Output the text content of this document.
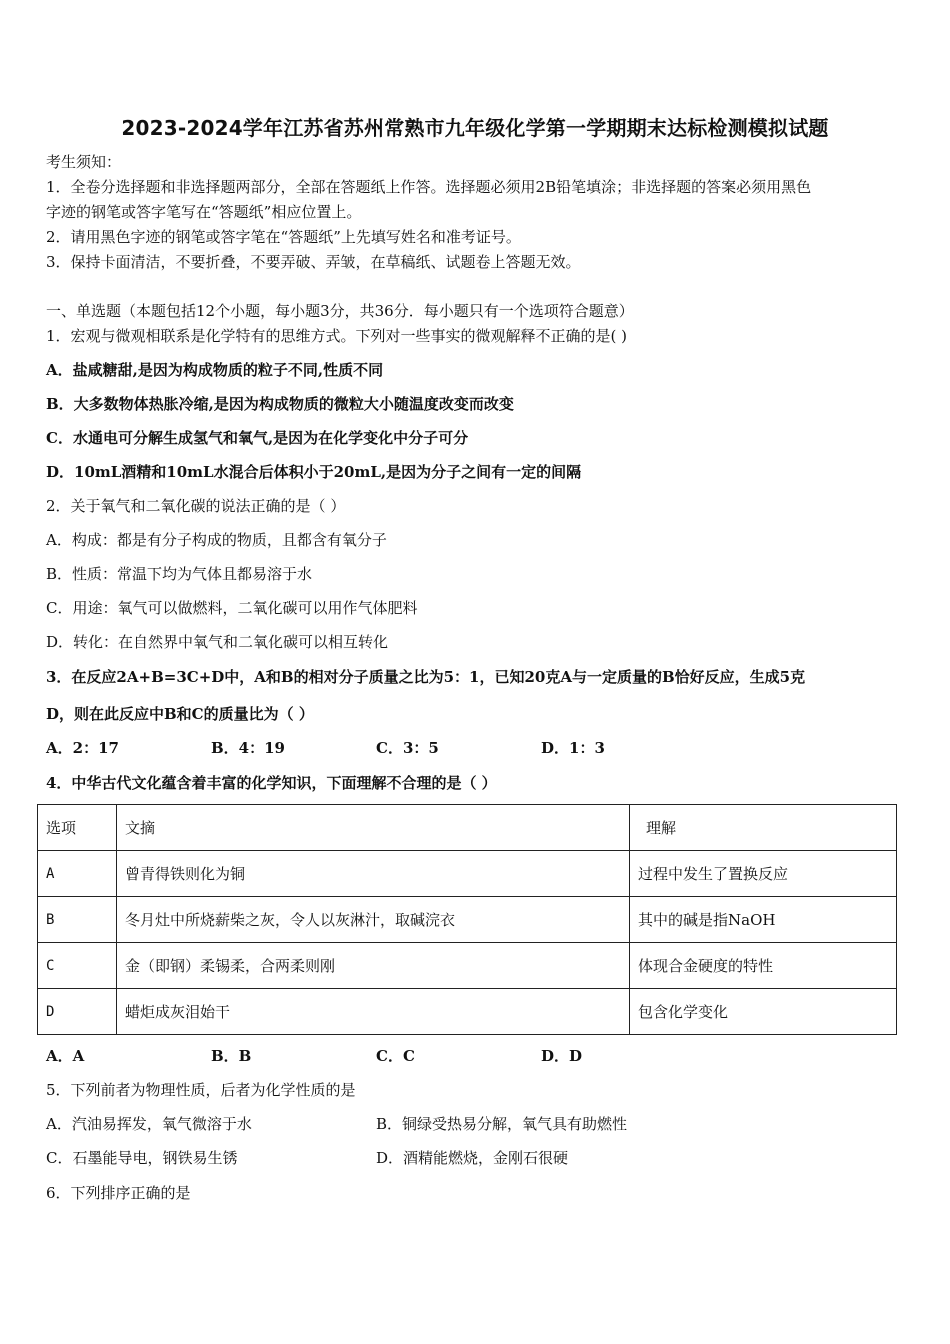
2023-2024学年江苏省苏州常熟市九年级化学第一学期期末达标检测模拟试题
考生须知：
1．全卷分选择题和非选择题两部分，全部在答题纸上作答。选择题必须用2B铅笔填涂；非选择题的答案必须用黑色
字迹的钢笔或答字笔写在“答题纸”相应位置上。
2．请用黑色字迹的钢笔或答字笔在“答题纸”上先填写姓名和准考证号。
3．保持卡面清洁，不要折叠，不要弄破、弄皱，在草稿纸、试题卷上答题无效。
一、单选题（本题包括12个小题，每小题3分，共36分．每小题只有一个选项符合题意）
1．宏观与微观相联系是化学特有的思维方式。下列对一些事实的微观解释不正确的是( )
A．盐咸糖甜,是因为构成物质的粒子不同,性质不同
B．大多数物体热胀冷缩,是因为构成物质的微粒大小随温度改变而改变
C．水通电可分解生成氢气和氧气,是因为在化学变化中分子可分
D．10mL酒精和10mL水混合后体积小于20mL,是因为分子之间有一定的间隔
2．关于氧气和二氧化碳的说法正确的是（ ）
A．构成：都是有分子构成的物质，且都含有氧分子
B．性质：常温下均为气体且都易溶于水
C．用途：氧气可以做燃料，二氧化碳可以用作气体肥料
D．转化：在自然界中氧气和二氧化碳可以相互转化
3．在反应2A+B=3C+D中，A和B的相对分子质量之比为5：1，已知20克A与一定质量的B恰好反应，生成5克
D，则在此反应中B和C的质量比为（ ）
A．2：17	B．4：19	C．3：5	D．1：3
4．中华古代文化蕴含着丰富的化学知识，下面理解不合理的是（ ）
选项	文摘	理解
A	曾青得铁则化为铜	过程中发生了置换反应
B	冬月灶中所烧薪柴之灰，令人以灰淋汁，取碱浣衣	其中的碱是指NaOH
C	金（即钢）柔锡柔，合两柔则刚	体现合金硬度的特性
D	蜡炬成灰泪始干	包含化学变化
A．A	B．B	C．C	D．D
5．下列前者为物理性质，后者为化学性质的是
A．汽油易挥发，氧气微溶于水	B．铜绿受热易分解，氧气具有助燃性
C．石墨能导电，钢铁易生锈	D．酒精能燃烧，金刚石很硬
6．下列排序正确的是
